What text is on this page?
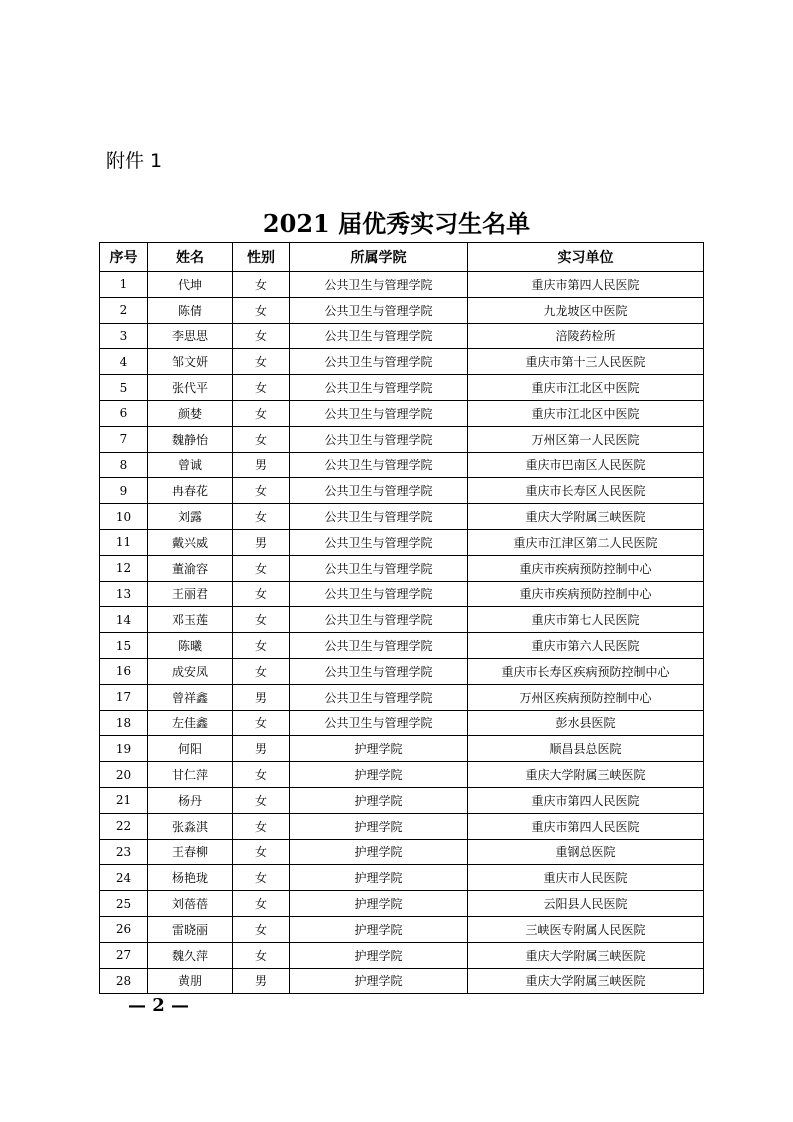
附件 1
2021 届优秀实习生名单
序号	姓名	性别	所属学院	实习单位
1	代坤	女	公共卫生与管理学院	重庆市第四人民医院
2	陈倩	女	公共卫生与管理学院	九龙坡区中医院
3	李思思	女	公共卫生与管理学院	涪陵药检所
4	邹文妍	女	公共卫生与管理学院	重庆市第十三人民医院
5	张代平	女	公共卫生与管理学院	重庆市江北区中医院
6	颜婪	女	公共卫生与管理学院	重庆市江北区中医院
7	魏静怡	女	公共卫生与管理学院	万州区第一人民医院
8	曾诚	男	公共卫生与管理学院	重庆市巴南区人民医院
9	冉春花	女	公共卫生与管理学院	重庆市长寿区人民医院
10	刘露	女	公共卫生与管理学院	重庆大学附属三峡医院
11	戴兴威	男	公共卫生与管理学院	重庆市江津区第二人民医院
12	董渝容	女	公共卫生与管理学院	重庆市疾病预防控制中心
13	王丽君	女	公共卫生与管理学院	重庆市疾病预防控制中心
14	邓玉莲	女	公共卫生与管理学院	重庆市第七人民医院
15	陈曦	女	公共卫生与管理学院	重庆市第六人民医院
16	成安凤	女	公共卫生与管理学院	重庆市长寿区疾病预防控制中心
17	曾祥鑫	男	公共卫生与管理学院	万州区疾病预防控制中心
18	左佳鑫	女	公共卫生与管理学院	彭水县医院
19	何阳	男	护理学院	顺昌县总医院
20	甘仁萍	女	护理学院	重庆大学附属三峡医院
21	杨丹	女	护理学院	重庆市第四人民医院
22	张淼淇	女	护理学院	重庆市第四人民医院
23	王春柳	女	护理学院	重钢总医院
24	杨艳珑	女	护理学院	重庆市人民医院
25	刘蓓蓓	女	护理学院	云阳县人民医院
26	雷晓丽	女	护理学院	三峡医专附属人民医院
27	魏久萍	女	护理学院	重庆大学附属三峡医院
28	黄朋	男	护理学院	重庆大学附属三峡医院
— 2 —
